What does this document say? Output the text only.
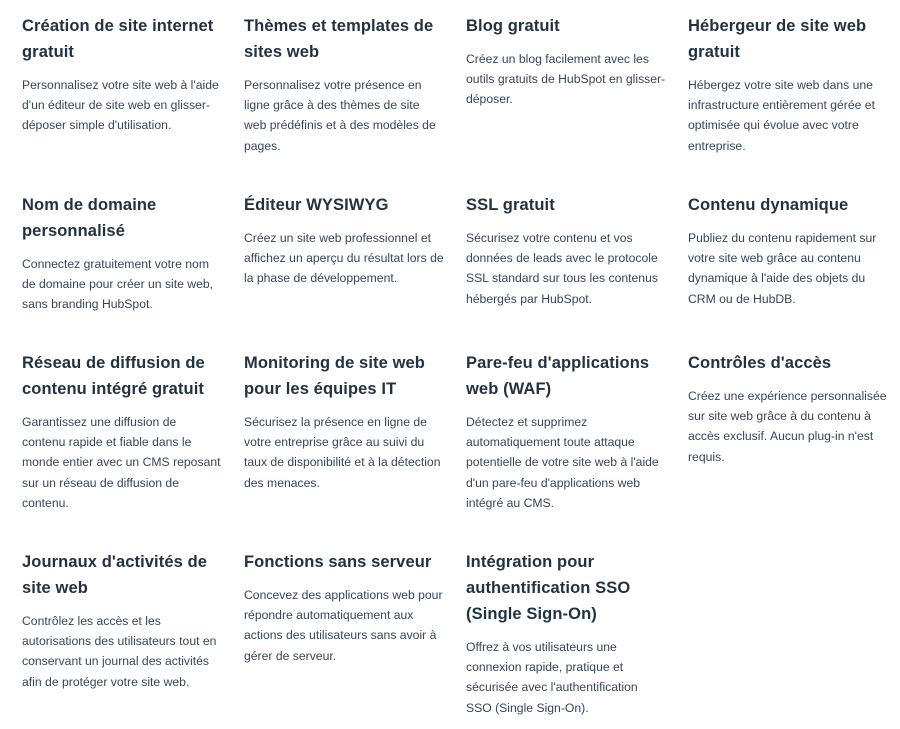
Création de site internet gratuit

Personnalisez votre site web à l'aide d'un éditeur de site web en glisser-déposer simple d'utilisation.

Thèmes et templates de sites web

Personnalisez votre présence en ligne grâce à des thèmes de site web prédéfinis et à des modèles de pages.

Blog gratuit

Créez un blog facilement avec les outils gratuits de HubSpot en glisser-déposer.

Hébergeur de site web gratuit

Hébergez votre site web dans une infrastructure entièrement gérée et optimisée qui évolue avec votre entreprise.

Nom de domaine personnalisé

Connectez gratuitement votre nom de domaine pour créer un site web, sans branding HubSpot.

Éditeur WYSIWYG

Créez un site web professionnel et affichez un aperçu du résultat lors de la phase de développement.

SSL gratuit

Sécurisez votre contenu et vos données de leads avec le protocole SSL standard sur tous les contenus hébergés par HubSpot.

Contenu dynamique

Publiez du contenu rapidement sur votre site web grâce au contenu dynamique à l'aide des objets du CRM ou de HubDB.

Réseau de diffusion de contenu intégré gratuit

Garantissez une diffusion de contenu rapide et fiable dans le monde entier avec un CMS reposant sur un réseau de diffusion de contenu.

Monitoring de site web pour les équipes IT

Sécurisez la présence en ligne de votre entreprise grâce au suivi du taux de disponibilité et à la détection des menaces.

Pare-feu d'applications web (WAF)

Détectez et supprimez automatiquement toute attaque potentielle de votre site web à l'aide d'un pare-feu d'applications web intégré au CMS.

Contrôles d'accès

Créez une expérience personnalisée sur site web grâce à du contenu à accès exclusif. Aucun plug-in n'est requis.

Journaux d'activités de site web

Contrôlez les accès et les autorisations des utilisateurs tout en conservant un journal des activités afin de protéger votre site web.

Fonctions sans serveur

Concevez des applications web pour répondre automatiquement aux actions des utilisateurs sans avoir à gérer de serveur.

Intégration pour authentification SSO (Single Sign-On)

Offrez à vos utilisateurs une connexion rapide, pratique et sécurisée avec l'authentification SSO (Single Sign-On).
